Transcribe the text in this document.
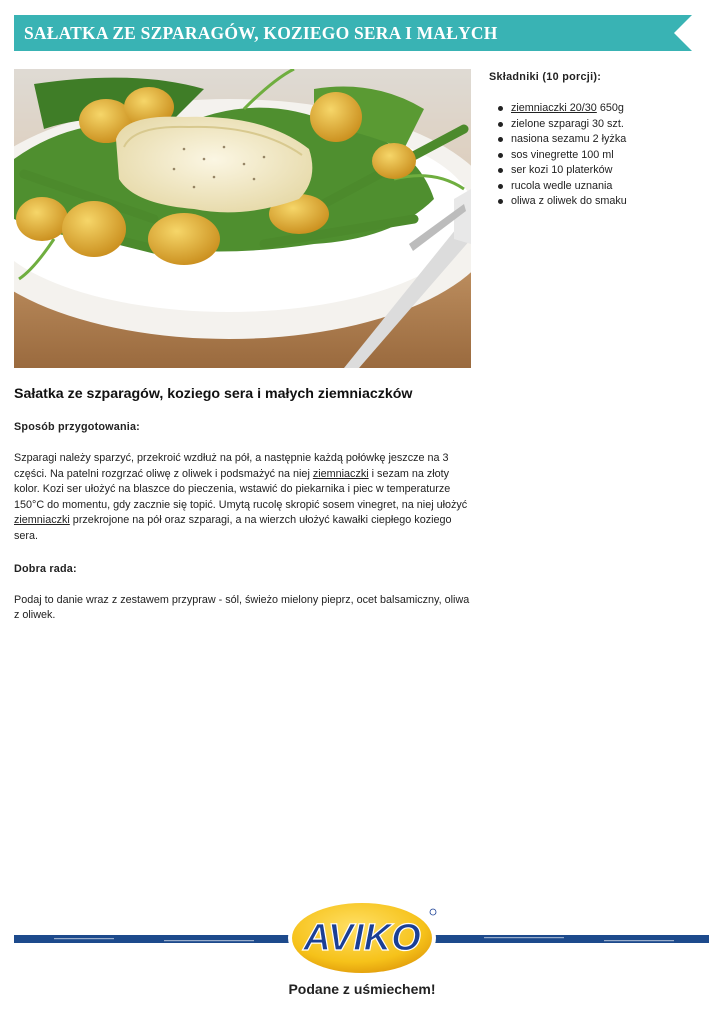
SAŁATKA ZE SZPARAGÓW, KOZIEGO SERA I MAŁYCH

Składniki (10 porcji):

ziemniaczki 20/30 650g
zielone szparagi 30 szt.
nasiona sezamu 2 łyżka
sos vinegrette 100 ml
ser kozi 10 platerków
rucola wedle uznania
oliwa z oliwek do smaku
Sałatka ze szparagów, koziego sera i małych ziemniaczków

Sposób przygotowania:

Szparagi należy sparzyć, przekroić wzdłuż na pół, a następnie każdą połówkę jeszcze na 3 części. Na patelni rozgrzać oliwę z oliwek i podsmażyć na niej ziemniaczki i sezam na złoty kolor. Kozi ser ułożyć na blaszce do pieczenia, wstawić do piekarnika i piec w temperaturze 150°C do momentu, gdy zacznie się topić. Umytą rucolę skropić sosem vinegret, na niej ułożyć ziemniaczki przekrojone na pół oraz szparagi, a na wierzch ułożyć kawałki ciepłego koziego sera.

Dobra rada:

Podaj to danie wraz z zestawem przypraw - sól, świeżo mielony pieprz, ocet balsamiczny, oliwa z oliwek.

AVIKO
Podane z uśmiechem!
